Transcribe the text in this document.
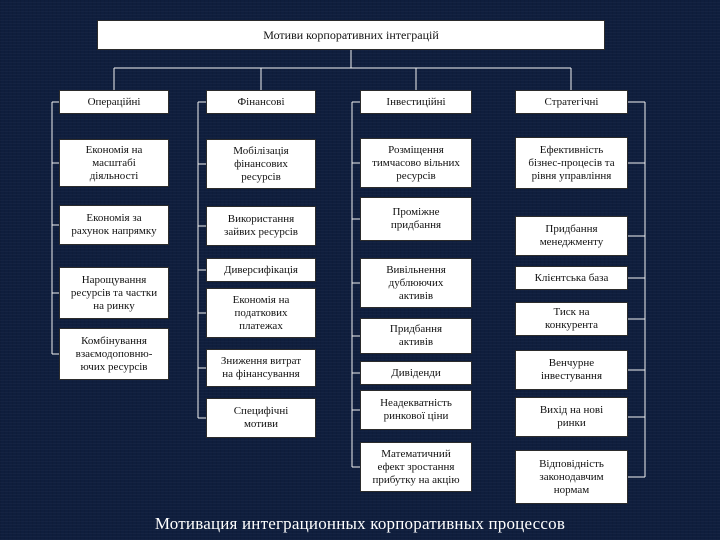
Мотиви корпоративних інтеграцій
Операційні
Економія на
масштабі
діяльності
Економія за
рахунок напрямку
Нарощування
ресурсів та частки
на ринку
Комбінування
взаємодоповню-
ючих ресурсів
Фінансові
Мобілізація
фінансових
ресурсів
Використання
зайвих ресурсів
Диверсифікація
Економія на
податкових
платежах
Зниження витрат
на фінансування
Специфічні
мотиви
Інвестиційні
Розміщення
тимчасово вільних
ресурсів
Проміжне
придбання
Вивільнення
дублюючих
активів
Придбання
активів
Дивіденди
Неадекватність
ринкової ціни
Математичний
ефект зростання
прибутку на акцію
Стратегічні
Ефективність
бізнес-процесів та
рівня управління
Придбання
менеджменту
Клієнтська база
Тиск на
конкурента
Венчурне
інвестування
Вихід на нові
ринки
Відповідність
законодавчим
нормам
Мотивация интеграционных корпоративных процессов
